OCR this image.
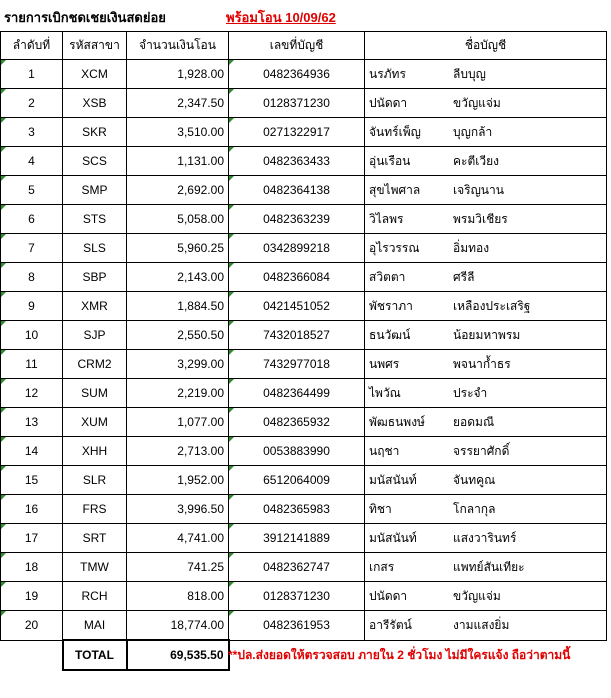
รายการเบิกชดเชยเงินสดย่อย	พร้อมโอน 10/09/62
ลำดับที่	รหัสสาขา	จำนวนเงินโอน	เลขที่บัญชี	ชื่อบัญชี
1	XCM	1,928.00	0482364936	นรภัทร ลีบบุญ
2	XSB	2,347.50	0128371230	ปนัดดา ขวัญแจ่ม
3	SKR	3,510.00	0271322917	จันทร์เพ็ญ บุญกล้า
4	SCS	1,131.00	0482363433	อุ่นเรือน คะตีเวียง
5	SMP	2,692.00	0482364138	สุขไพศาล เจริญนาน
6	STS	5,058.00	0482363239	วิไลพร พรมวิเชียร
7	SLS	5,960.25	0342899218	อุไรวรรณ อิ่มทอง
8	SBP	2,143.00	0482366084	สวิตตา ศรีลี
9	XMR	1,884.50	0421451052	พัชราภา เหลืองประเสริฐ
10	SJP	2,550.50	7432018527	ธนวัฒน์ น้อยมหาพรม
11	CRM2	3,299.00	7432977018	นพศร พจนาก้ำธร
12	SUM	2,219.00	0482364499	ไพวัณ ประจำ
13	XUM	1,077.00	0482365932	พัฒธนพงษ์ ยอดมณี
14	XHH	2,713.00	0053883990	นฤชา จรรยาศักดิ์
15	SLR	1,952.00	6512064009	มนัสนันท์ จันทคูณ
16	FRS	3,996.50	0482365983	ทิชา โกลากุล
17	SRT	4,741.00	3912141889	มนัสนันท์ แสงวารินทร์
18	TMW	741.25	0482362747	เกสร แพทย์สันเทียะ
19	RCH	818.00	0128371230	ปนัดดา ขวัญแจ่ม
20	MAI	18,774.00	0482361953	อารีรัตน์ งามแสงยิ่ม
	TOTAL	69,535.50		**ปล.ส่งยอดให้ตรวจสอบ ภายใน 2 ชั่วโมง ไม่มีใครแจ้ง ถือว่าตามนี้
